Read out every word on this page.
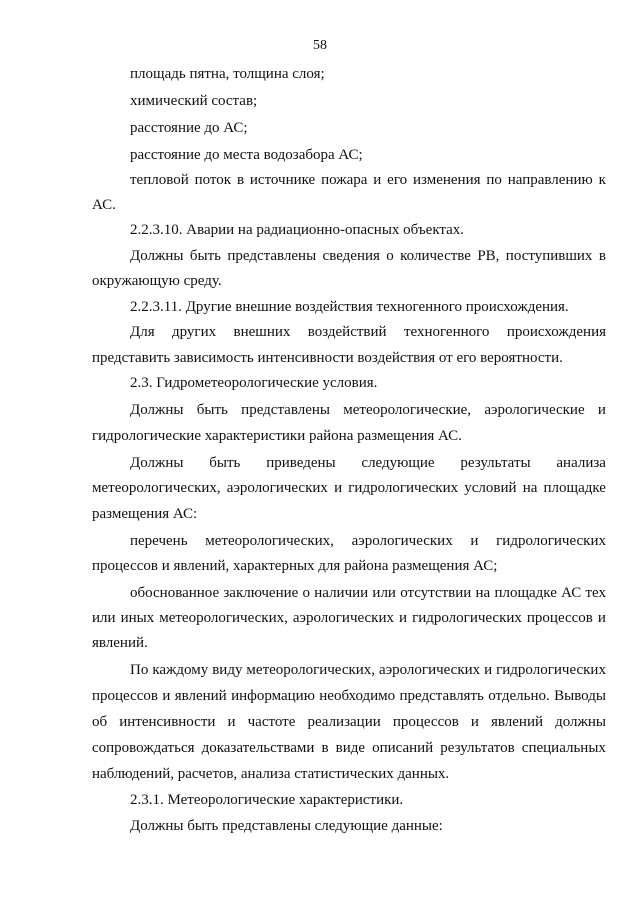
58
площадь пятна, толщина слоя;
химический состав;
расстояние до АС;
расстояние до места водозабора АС;
тепловой поток в источнике пожара и его изменения по направлению к
АС.
2.2.3.10. Аварии на радиационно-опасных объектах.
Должны быть представлены сведения о количестве РВ, поступивших в
окружающую среду.
2.2.3.11. Другие внешние воздействия техногенного происхождения.
Для других внешних воздействий техногенного происхождения
представить зависимость интенсивности воздействия от его вероятности.
2.3. Гидрометеорологические условия.
Должны быть представлены метеорологические, аэрологические и
гидрологические характеристики района размещения АС.
Должны быть приведены следующие результаты анализа
метеорологических, аэрологических и гидрологических условий на площадке
размещения АС:
перечень метеорологических, аэрологических и гидрологических
процессов и явлений, характерных для района размещения АС;
обоснованное заключение о наличии или отсутствии на площадке АС тех
или иных метеорологических, аэрологических и гидрологических процессов и
явлений.
По каждому виду метеорологических, аэрологических и гидрологических
процессов и явлений информацию необходимо представлять отдельно. Выводы
об интенсивности и частоте реализации процессов и явлений должны
сопровождаться доказательствами в виде описаний результатов специальных
наблюдений, расчетов, анализа статистических данных.
2.3.1. Метеорологические характеристики.
Должны быть представлены следующие данные:
